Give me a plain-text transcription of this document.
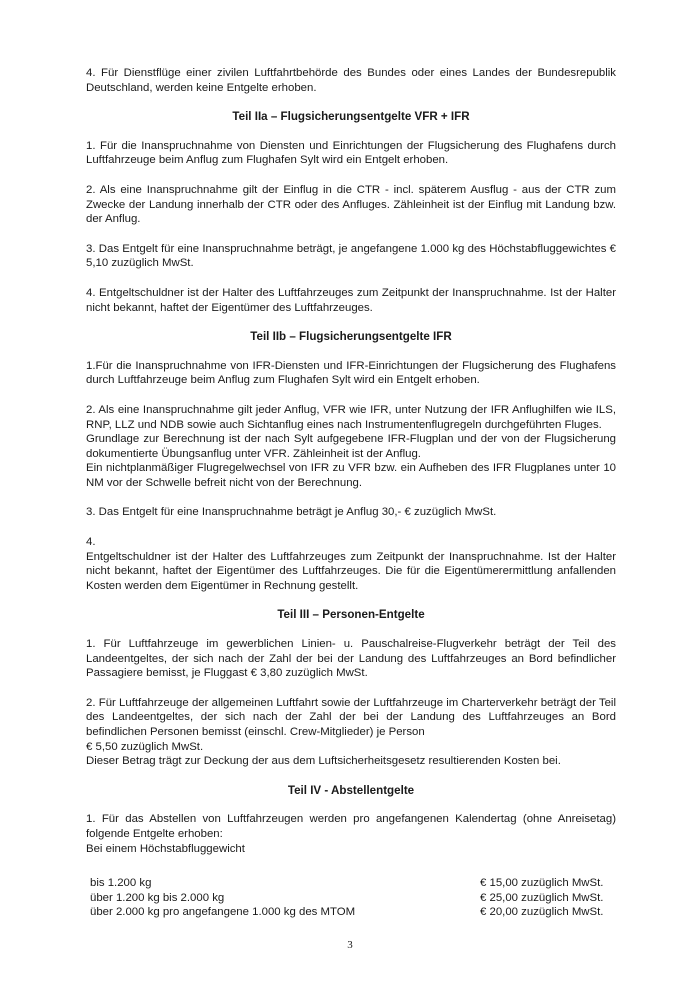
4. Für Dienstflüge einer zivilen Luftfahrtbehörde des Bundes oder eines Landes der Bundesrepublik Deutschland, werden keine Entgelte erhoben.

Teil IIa – Flugsicherungsentgelte VFR + IFR

1. Für die Inanspruchnahme von Diensten und Einrichtungen der Flugsicherung des Flughafens durch Luftfahrzeuge beim Anflug zum Flughafen Sylt wird ein Entgelt erhoben.

2. Als eine Inanspruchnahme gilt der Einflug in die CTR - incl. späterem Ausflug - aus der CTR zum Zwecke der Landung innerhalb der CTR oder des Anfluges. Zähleinheit ist der Einflug mit Landung bzw. der Anflug.

3. Das Entgelt für eine Inanspruchnahme beträgt, je angefangene 1.000 kg des Höchstabfluggewichtes € 5,10 zuzüglich MwSt.

4. Entgeltschuldner ist der Halter des Luftfahrzeuges zum Zeitpunkt der Inanspruchnahme. Ist der Halter nicht bekannt, haftet der Eigentümer des Luftfahrzeuges.

Teil IIb – Flugsicherungsentgelte IFR

1.Für die Inanspruchnahme von IFR-Diensten und IFR-Einrichtungen der Flugsicherung des Flughafens durch Luftfahrzeuge beim Anflug zum Flughafen Sylt wird ein Entgelt erhoben.

2. Als eine Inanspruchnahme gilt jeder Anflug, VFR wie IFR, unter Nutzung der IFR Anflughilfen wie ILS, RNP, LLZ und NDB sowie auch Sichtanflug eines nach Instrumentenflugregeln durchgeführten Fluges.
Grundlage zur Berechnung ist der nach Sylt aufgegebene IFR-Flugplan und der von der Flugsicherung dokumentierte Übungsanflug unter VFR. Zähleinheit ist der Anflug.
Ein nichtplanmäßiger Flugregelwechsel von IFR zu VFR bzw. ein Aufheben des IFR Flugplanes unter 10 NM vor der Schwelle befreit nicht von der Berechnung.

3. Das Entgelt für eine Inanspruchnahme beträgt je Anflug 30,- € zuzüglich MwSt.

4.
Entgeltschuldner ist der Halter des Luftfahrzeuges zum Zeitpunkt der Inanspruchnahme. Ist der Halter nicht bekannt, haftet der Eigentümer des Luftfahrzeuges. Die für die Eigentümerermittlung anfallenden Kosten werden dem Eigentümer in Rechnung gestellt.
Teil III – Personen-Entgelte

1. Für Luftfahrzeuge im gewerblichen Linien- u. Pauschalreise-Flugverkehr beträgt der Teil des Landeentgeltes, der sich nach der Zahl der bei der Landung des Luftfahrzeuges an Bord befindlicher Passagiere bemisst, je Fluggast € 3,80 zuzüglich MwSt.

2. Für Luftfahrzeuge der allgemeinen Luftfahrt sowie der Luftfahrzeuge im Charterverkehr beträgt der Teil des Landeentgeltes, der sich nach der Zahl der bei der Landung des Luftfahrzeuges an Bord befindlichen Personen bemisst (einschl. Crew-Mitglieder) je Person
€ 5,50 zuzüglich MwSt.
Dieser Betrag trägt zur Deckung der aus dem Luftsicherheitsgesetz resultierenden Kosten bei.
Teil IV - Abstellentgelte
1. Für das Abstellen von Luftfahrzeugen werden pro angefangenen Kalendertag (ohne Anreisetag) folgende Entgelte erhoben:
Bei einem Höchstabfluggewicht
bis 1.200 kg	€ 15,00 zuzüglich MwSt.
über 1.200 kg bis 2.000 kg	€ 25,00 zuzüglich MwSt.
über 2.000 kg pro angefangene 1.000 kg des MTOM	€ 20,00 zuzüglich MwSt.
3
